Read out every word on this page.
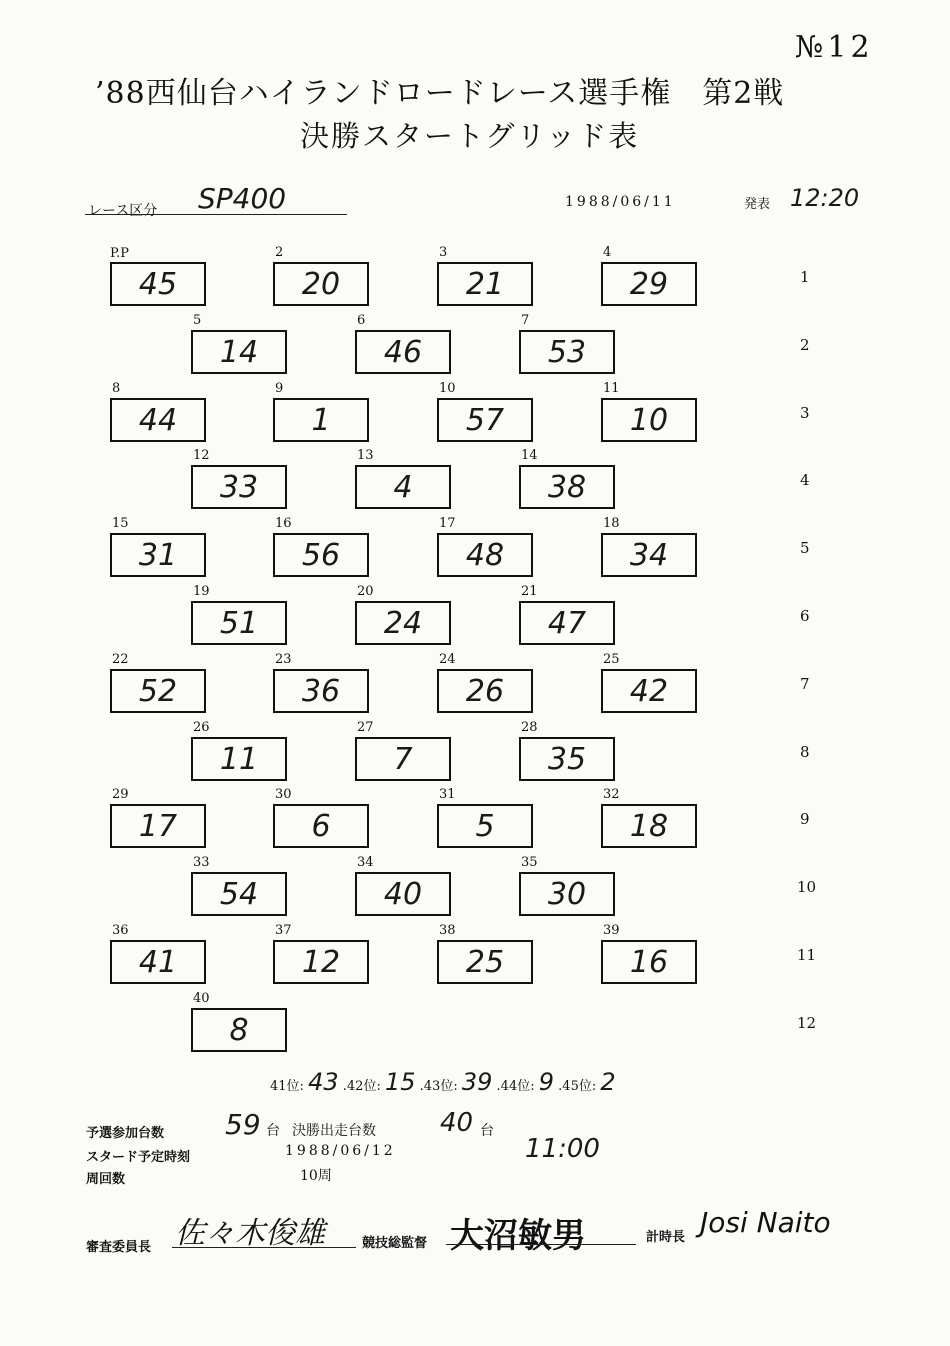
№12
’88西仙台ハイランドロードレース選手権　第2戦
決勝スタートグリッド表
レース区分 SP400	1988/06/11	発表 12:20
P.P
45
2
20
3
21
4
29	1
5
14
6
46
7
53	2
8
44
9
1
10
57
11
10	3
12
33
13
4
14
38	4
15
31
16
56
17
48
18
34	5
19
51
20
24
21
47	6
22
52
23
36
24
26
25
42	7
26
11
27
7
28
35	8
29
17
30
6
31
5
32
18	9
33
54
34
40
35
30	10
36
41
37
12
38
25
39
16	11
40
8	12
41位: 43 .42位: 15 .43位: 39 .44位: 9 .45位: 2
予選参加台数 59 台 決勝出走台数 40 台
スタード予定時刻	1988/06/12	11:00
周回数	10周
審査委員長 佐々木俊雄	競技総監督 大沼敏男	計時長 Josi Naito
